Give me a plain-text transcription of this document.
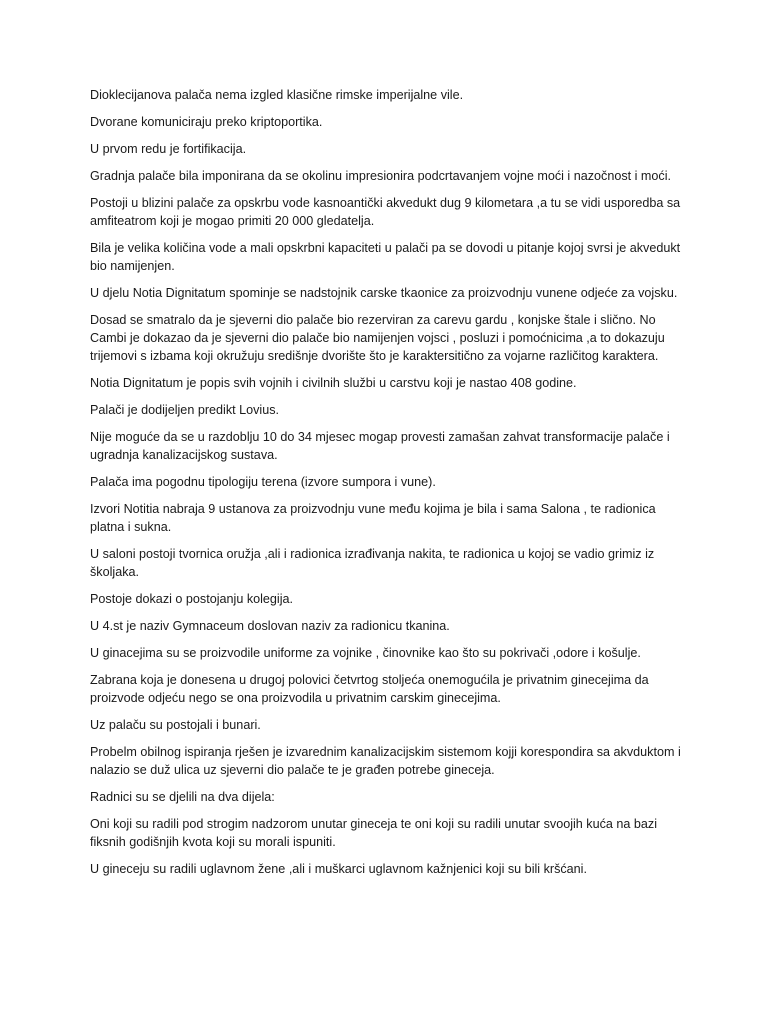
Dioklecijanova palača nema izgled klasične rimske imperijalne vile.

Dvorane komuniciraju preko kriptoportika.

U prvom redu je fortifikacija.

Gradnja palače bila imponirana da se okolinu impresionira podcrtavanjem vojne moći i nazočnost i moći.

Postoji u blizini palače za opskrbu vode kasnoantički akvedukt dug 9 kilometara ,a tu se vidi usporedba sa amfiteatrom koji je mogao primiti 20 000 gledatelja.

Bila je velika količina vode a mali opskrbni kapaciteti u palači pa se dovodi u pitanje kojoj svrsi je akvedukt bio namijenjen.

U djelu Notia Dignitatum spominje se nadstojnik carske tkaonice za proizvodnju vunene odjeće za vojsku.

Dosad se smatralo da je sjeverni dio palače bio rezerviran za carevu gardu , konjske štale i slično. No Cambi je dokazao da je sjeverni dio palače bio namijenjen vojsci , posluzi i pomoćnicima ,a to dokazuju trijemovi s izbama koji okružuju središnje dvorište što je karaktersitično za vojarne različitog karaktera.

Notia Dignitatum je popis svih vojnih i civilnih službi u carstvu koji je nastao 408 godine.

Palači je dodijeljen predikt Lovius.

Nije moguće da se u razdoblju 10 do 34 mjesec mogap provesti zamašan zahvat transformacije palače i ugradnja kanalizacijskog sustava.

Palača ima pogodnu tipologiju terena (izvore sumpora i vune).

Izvori Notitia nabraja 9 ustanova za proizvodnju vune među kojima je bila i sama Salona , te radionica platna i sukna.

U saloni postoji tvornica oružja ,ali i radionica izrađivanja nakita, te radionica u kojoj se vadio grimiz iz školjaka.

Postoje dokazi o postojanju kolegija.

U 4.st je naziv Gymnaceum doslovan naziv za radionicu tkanina.

U ginacejima su se proizvodile uniforme za vojnike , činovnike kao što su pokrivači ,odore i košulje.

Zabrana koja je donesena u drugoj polovici četvrtog stoljeća onemogućila je privatnim ginecejima da proizvode odjeću nego se ona proizvodila u privatnim carskim ginecejima.

Uz palaču su postojali i bunari.

Probelm obilnog ispiranja rješen je izvarednim kanalizacijskim sistemom kojji korespondira sa akvduktom i nalazio se duž ulica uz sjeverni dio palače te je građen potrebe gineceja.

Radnici su se djelili na dva dijela:

Oni koji su radili pod strogim nadzorom unutar gineceja te oni koji su radili unutar svoojih kuća na bazi fiksnih godišnjih kvota koji su morali ispuniti.

U gineceju su radili uglavnom žene ,ali i muškarci uglavnom kažnjenici koji su bili kršćani.
